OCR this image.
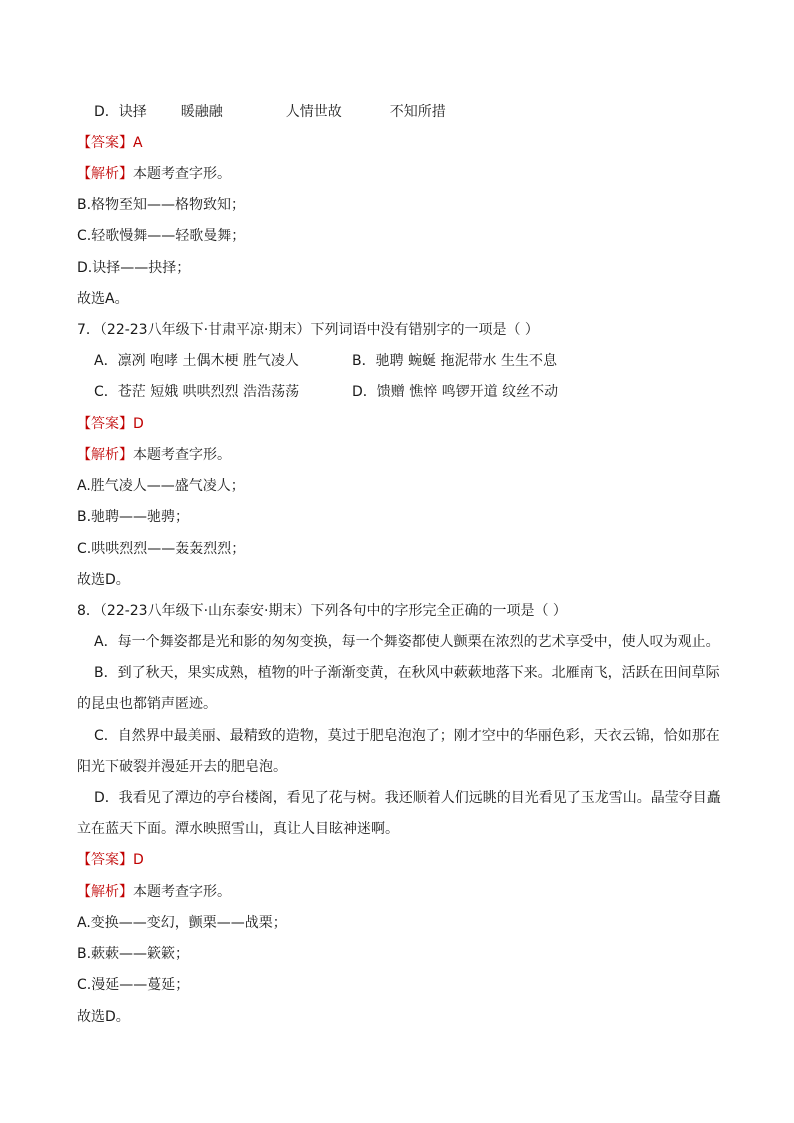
D．诀择 暖融融	人情世故	不知所措
【答案】A
【解析】本题考查字形。
B.格物至知——格物致知；
C.轻歌慢舞——轻歌曼舞；
D.诀择——抉择；
故选A。
7．（22-23八年级下·甘肃平凉·期末）下列词语中没有错别字的一项是（ ）
A．凛冽 咆哮 土偶木梗 胜气凌人	B．驰聘 蜿蜒 拖泥带水 生生不息
C．苍茫 短娥 哄哄烈烈 浩浩荡荡	D．馈赠 憔悴 鸣锣开道 纹丝不动
【答案】D
【解析】本题考查字形。
A.胜气凌人——盛气凌人；
B.驰聘——驰骋；
C.哄哄烈烈——轰轰烈烈；
故选D。
8．（22-23八年级下·山东泰安·期末）下列各句中的字形完全正确的一项是（ ）
A．每一个舞姿都是光和影的匆匆变换，每一个舞姿都使人颤栗在浓烈的艺术享受中，使人叹为观止。
B．到了秋天，果实成熟，植物的叶子渐渐变黄，在秋风中蔌蔌地落下来。北雁南飞，活跃在田间草际
的昆虫也都销声匿迹。
C．自然界中最美丽、最精致的造物，莫过于肥皂泡泡了；刚才空中的华丽色彩，天衣云锦，恰如那在
阳光下破裂并漫延开去的肥皂泡。
D．我看见了潭边的亭台楼阁，看见了花与树。我还顺着人们远眺的目光看见了玉龙雪山。晶莹夺目矗
立在蓝天下面。潭水映照雪山，真让人目眩神迷啊。
【答案】D
【解析】本题考查字形。
A.变换——变幻，颤栗——战栗；
B.蔌蔌——簌簌；
C.漫延——蔓延；
故选D。
